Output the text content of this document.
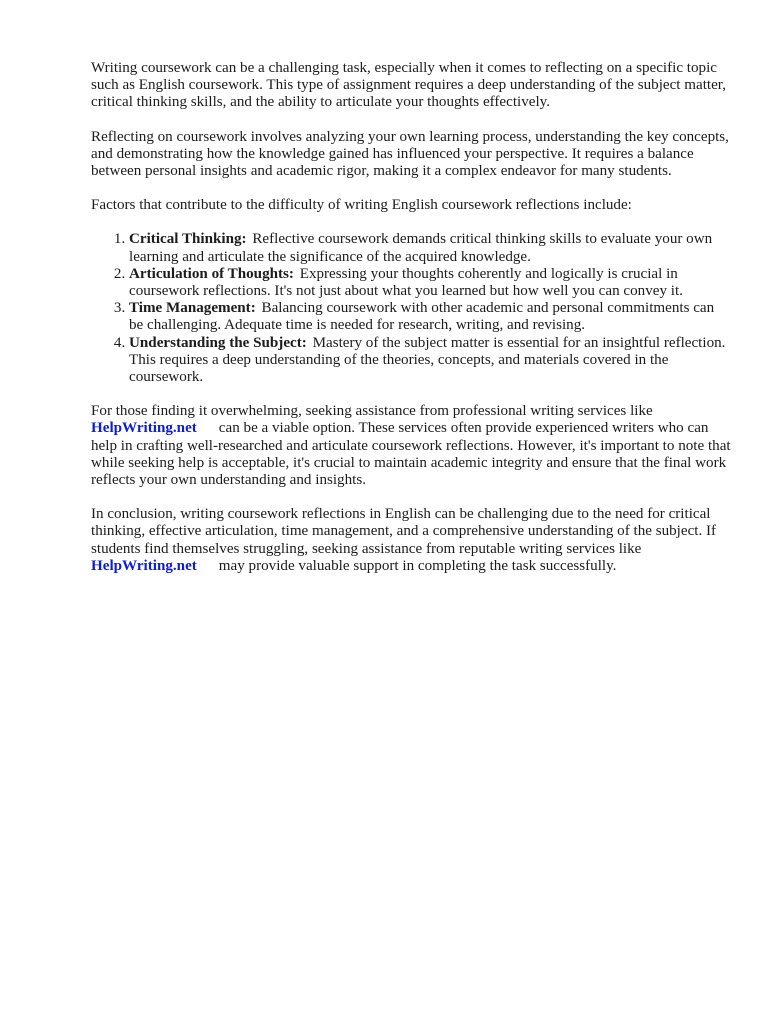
Writing coursework can be a challenging task, especially when it comes to reflecting on a specific topic such as English coursework. This type of assignment requires a deep understanding of the subject matter, critical thinking skills, and the ability to articulate your thoughts effectively.

Reflecting on coursework involves analyzing your own learning process, understanding the key concepts, and demonstrating how the knowledge gained has influenced your perspective. It requires a balance between personal insights and academic rigor, making it a complex endeavor for many students.

Factors that contribute to the difficulty of writing English coursework reflections include:

1. Critical Thinking: Reflective coursework demands critical thinking skills to evaluate your own learning and articulate the significance of the acquired knowledge.
2. Articulation of Thoughts: Expressing your thoughts coherently and logically is crucial in coursework reflections. It's not just about what you learned but how well you can convey it.
3. Time Management: Balancing coursework with other academic and personal commitments can be challenging. Adequate time is needed for research, writing, and revising.
4. Understanding the Subject: Mastery of the subject matter is essential for an insightful reflection. This requires a deep understanding of the theories, concepts, and materials covered in the coursework.

For those finding it overwhelming, seeking assistance from professional writing services like HelpWriting.net can be a viable option. These services often provide experienced writers who can help in crafting well-researched and articulate coursework reflections. However, it's important to note that while seeking help is acceptable, it's crucial to maintain academic integrity and ensure that the final work reflects your own understanding and insights.

In conclusion, writing coursework reflections in English can be challenging due to the need for critical thinking, effective articulation, time management, and a comprehensive understanding of the subject. If students find themselves struggling, seeking assistance from reputable writing services likeHelpWriting.net may provide valuable support in completing the task successfully.
